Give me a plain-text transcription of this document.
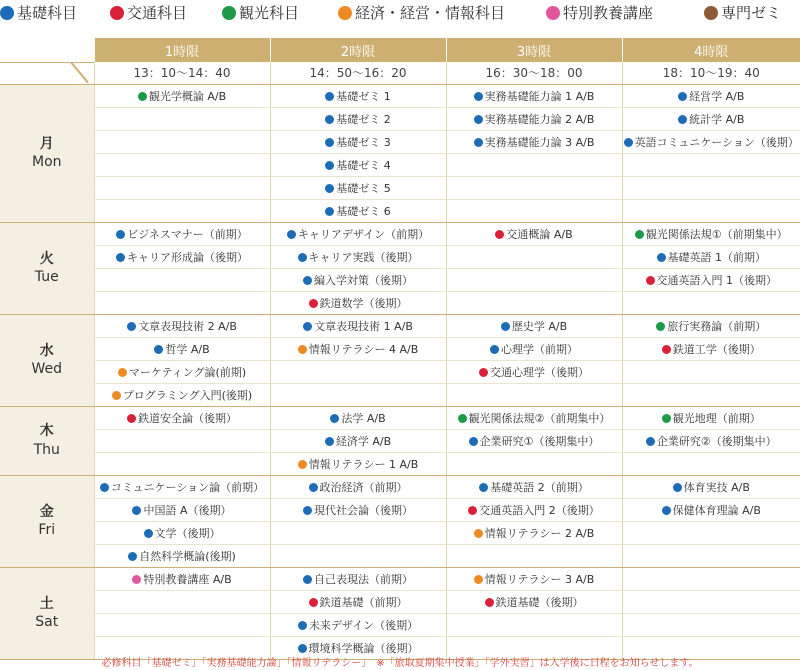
基礎科目	交通科目	観光科目	経済・経営・情報科目	特別教養講座	専門ゼミ
	1時限	2時限	3時限	4時限
	13：10〜14：40	14：50〜16：20	16：30〜18：00	18：10〜19：40

月
Mon	観光学概論 A/B	基礎ゼミ 1	実務基礎能力論 1 A/B	経営学 A/B
		基礎ゼミ 2	実務基礎能力論 2 A/B	統計学 A/B
		基礎ゼミ 3	実務基礎能力論 3 A/B	英語コミュニケーション（後期）
		基礎ゼミ 4		
		基礎ゼミ 5		
		基礎ゼミ 6		

火
Tue	ビジネスマナー（前期）	キャリアデザイン（前期）	交通概論 A/B	観光関係法規①（前期集中）
	キャリア形成論（後期）	キャリア実践（後期）		基礎英語 1（前期）
		編入学対策（後期）		交通英語入門 1（後期）
		鉄道数学（後期）		

水
Wed	文章表現技術 2 A/B	文章表現技術 1 A/B	歴史学 A/B	旅行実務論（前期）
	哲学 A/B	情報リテラシー 4 A/B	心理学（前期）	鉄道工学（後期）
	マーケティング論(前期)		交通心理学（後期）	
	プログラミング入門(後期)			

木
Thu	鉄道安全論（後期）	法学 A/B	観光関係法規②（前期集中）	観光地理（前期）
		経済学 A/B	企業研究①（後期集中）	企業研究②（後期集中）
		情報リテラシー 1 A/B		

金
Fri	コミュニケーション論（前期）	政治経済（前期）	基礎英語 2（前期）	体育実技 A/B
	中国語 A（後期）	現代社会論（後期）	交通英語入門 2（後期）	保健体育理論 A/B
	文学（後期）		情報リテラシー 2 A/B	
	自然科学概論(後期)			

土
Sat	特別教養講座 A/B	自己表現法（前期）	情報リテラシー 3 A/B	
		鉄道基礎（前期）	鉄道基礎（後期）	
		未来デザイン（後期）		
		環境科学概論（後期）		
必修科目「基礎ゼミ」「実務基礎能力論」「情報リテラシー」　※「旅取夏期集中授業」「学外実習」は入学後に日程をお知らせします。
